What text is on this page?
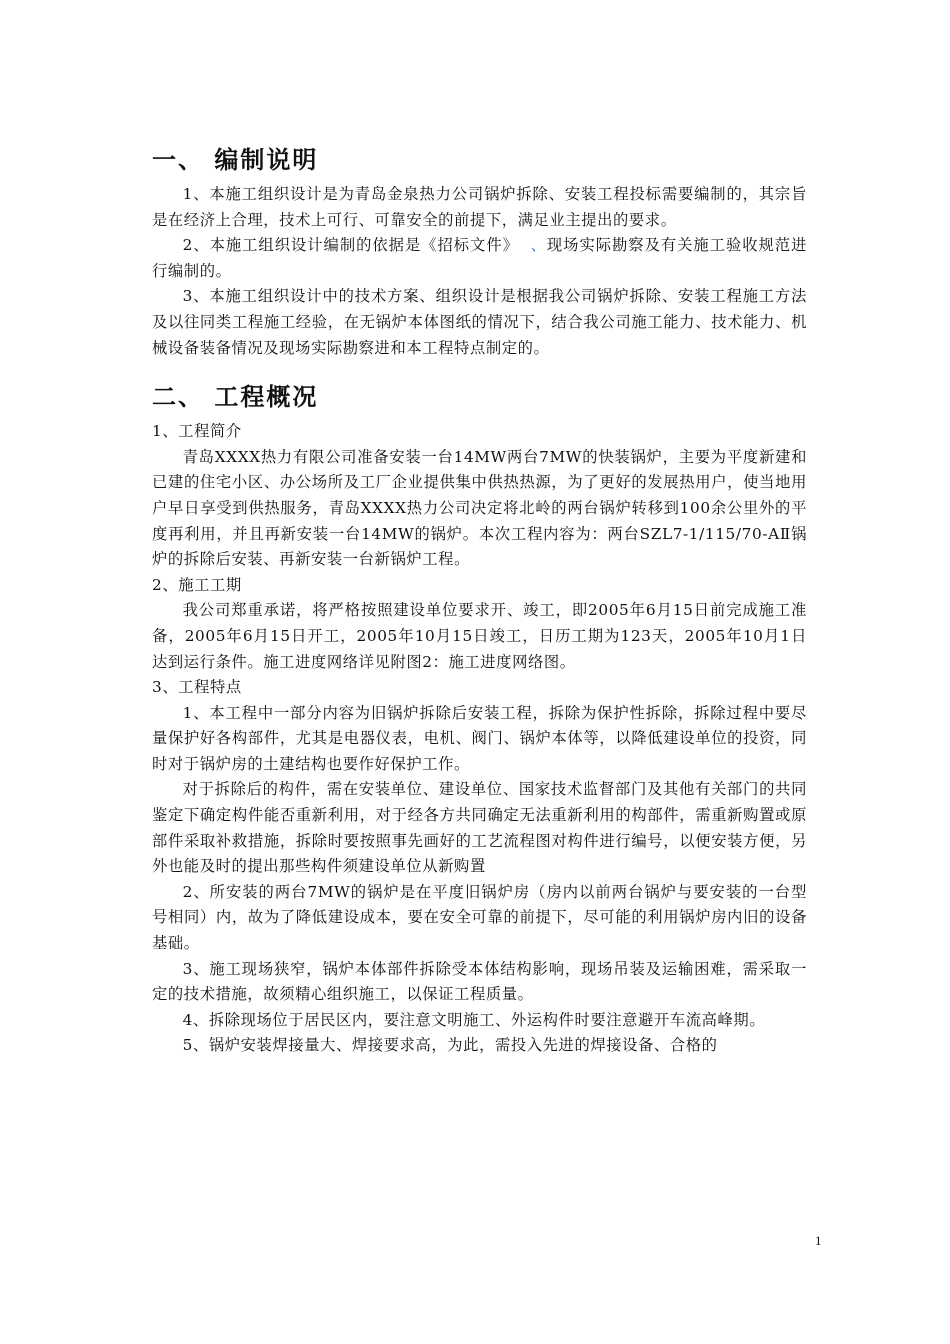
一、 编制说明

1、本施工组织设计是为青岛金泉热力公司锅炉拆除、安装工程投标需要编制的，其宗旨是在经济上合理，技术上可行、可靠安全的前提下，满足业主提出的要求。

2、本施工组织设计编制的依据是《招标文件》 、现场实际勘察及有关施工验收规范进行编制的。

3、本施工组织设计中的技术方案、组织设计是根据我公司锅炉拆除、安装工程施工方法及以往同类工程施工经验，在无锅炉本体图纸的情况下，结合我公司施工能力、技术能力、机械设备装备情况及现场实际勘察进和本工程特点制定的。

二、 工程概况

1、工程简介

青岛XXXX热力有限公司准备安装一台14MW两台7MW的快装锅炉，主要为平度新建和已建的住宅小区、办公场所及工厂企业提供集中供热热源，为了更好的发展热用户，使当地用户早日享受到供热服务，青岛XXXX热力公司决定将北岭的两台锅炉转移到100余公里外的平度再利用，并且再新安装一台14MW的锅炉。本次工程内容为：两台SZL7-1/115/70-AⅡ锅炉的拆除后安装、再新安装一台新锅炉工程。

2、施工工期

我公司郑重承诺，将严格按照建设单位要求开、竣工，即2005年6月15日前完成施工准备，2005年6月15日开工，2005年10月15日竣工，日历工期为123天，2005年10月1日达到运行条件。施工进度网络详见附图2：施工进度网络图。

3、工程特点

1、本工程中一部分内容为旧锅炉拆除后安装工程，拆除为保护性拆除，拆除过程中要尽量保护好各构部件，尤其是电器仪表，电机、阀门、锅炉本体等，以降低建设单位的投资，同时对于锅炉房的土建结构也要作好保护工作。

对于拆除后的构件，需在安装单位、建设单位、国家技术监督部门及其他有关部门的共同鉴定下确定构件能否重新利用，对于经各方共同确定无法重新利用的构部件，需重新购置或原部件采取补救措施，拆除时要按照事先画好的工艺流程图对构件进行编号，以便安装方便，另外也能及时的提出那些构件须建设单位从新购置

2、所安装的两台7MW的锅炉是在平度旧锅炉房（房内以前两台锅炉与要安装的一台型号相同）内，故为了降低建设成本，要在安全可靠的前提下，尽可能的利用锅炉房内旧的设备基础。

3、施工现场狭窄，锅炉本体部件拆除受本体结构影响，现场吊装及运输困难，需采取一定的技术措施，故须精心组织施工，以保证工程质量。

4、拆除现场位于居民区内，要注意文明施工、外运构件时要注意避开车流高峰期。

5、锅炉安装焊接量大、焊接要求高，为此，需投入先进的焊接设备、合格的

1
